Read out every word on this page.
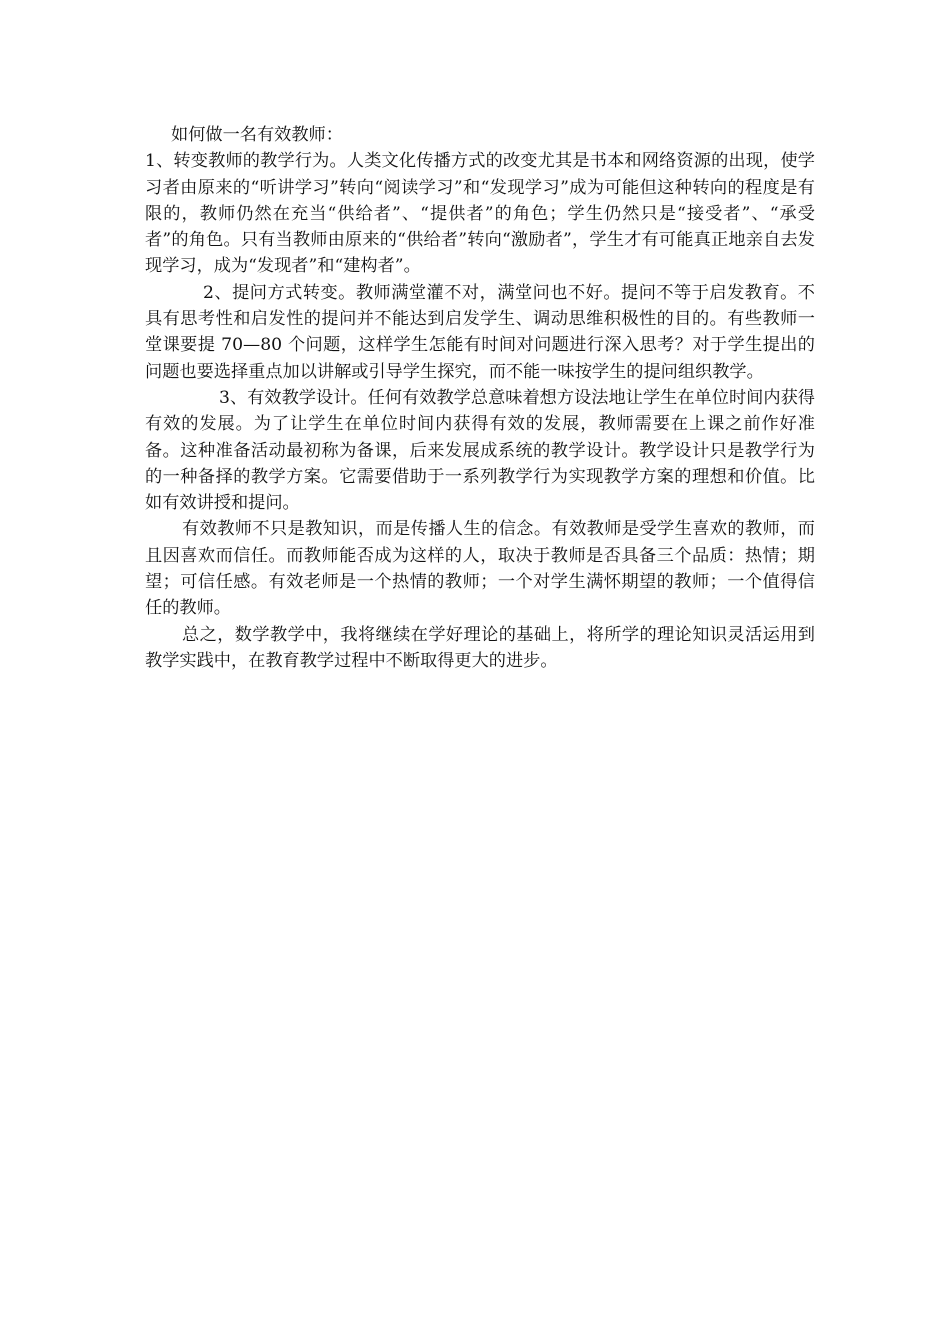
如何做一名有效教师：

1、转变教师的教学行为。人类文化传播方式的改变尤其是书本和网络资源的出现，使学习者由原来的“听讲学习”转向“阅读学习”和“发现学习”成为可能但这种转向的程度是有限的，教师仍然在充当“供给者”、“提供者”的角色；学生仍然只是“接受者”、“承受者”的角色。只有当教师由原来的“供给者”转向“激励者”，学生才有可能真正地亲自去发现学习，成为“发现者”和“建构者”。

2、提问方式转变。教师满堂灌不对，满堂问也不好。提问不等于启发教育。不具有思考性和启发性的提问并不能达到启发学生、调动思维积极性的目的。有些教师一堂课要提 70—80 个问题，这样学生怎能有时间对问题进行深入思考？对于学生提出的问题也要选择重点加以讲解或引导学生探究，而不能一味按学生的提问组织教学。

3、有效教学设计。任何有效教学总意味着想方设法地让学生在单位时间内获得有效的发展。为了让学生在单位时间内获得有效的发展，教师需要在上课之前作好准备。这种准备活动最初称为备课，后来发展成系统的教学设计。教学设计只是教学行为的一种备择的教学方案。它需要借助于一系列教学行为实现教学方案的理想和价值。比如有效讲授和提问。

有效教师不只是教知识，而是传播人生的信念。有效教师是受学生喜欢的教师，而且因喜欢而信任。而教师能否成为这样的人，取决于教师是否具备三个品质：热情；期望；可信任感。有效老师是一个热情的教师；一个对学生满怀期望的教师；一个值得信任的教师。

总之，数学教学中，我将继续在学好理论的基础上，将所学的理论知识灵活运用到教学实践中，在教育教学过程中不断取得更大的进步。
